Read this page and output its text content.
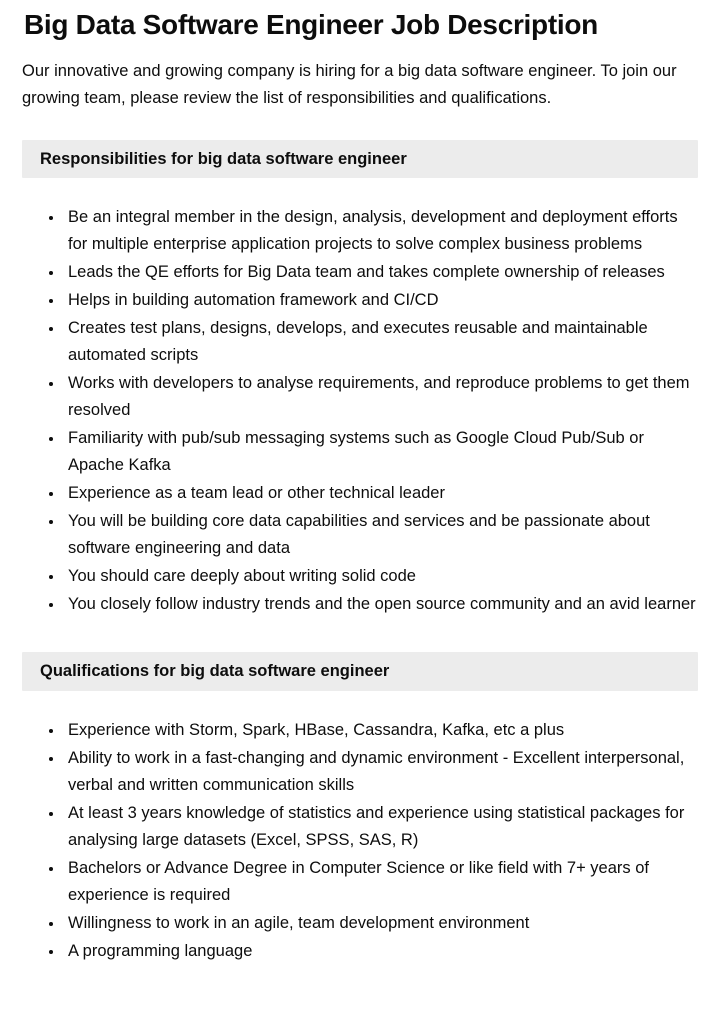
Big Data Software Engineer Job Description

Our innovative and growing company is hiring for a big data software engineer. To join our growing team, please review the list of responsibilities and qualifications.

Responsibilities for big data software engineer
• Be an integral member in the design, analysis, development and deployment efforts for multiple enterprise application projects to solve complex business problems
• Leads the QE efforts for Big Data team and takes complete ownership of releases
• Helps in building automation framework and CI/CD
• Creates test plans, designs, develops, and executes reusable and maintainable automated scripts
• Works with developers to analyse requirements, and reproduce problems to get them resolved
• Familiarity with pub/sub messaging systems such as Google Cloud Pub/Sub or Apache Kafka
• Experience as a team lead or other technical leader
• You will be building core data capabilities and services and be passionate about software engineering and data
• You should care deeply about writing solid code
• You closely follow industry trends and the open source community and an avid learner
Qualifications for big data software engineer
• Experience with Storm, Spark, HBase, Cassandra, Kafka, etc a plus
• Ability to work in a fast-changing and dynamic environment - Excellent interpersonal, verbal and written communication skills
• At least 3 years knowledge of statistics and experience using statistical packages for analysing large datasets (Excel, SPSS, SAS, R)
• Bachelors or Advance Degree in Computer Science or like field with 7+ years of experience is required
• Willingness to work in an agile, team development environment
• A programming language
